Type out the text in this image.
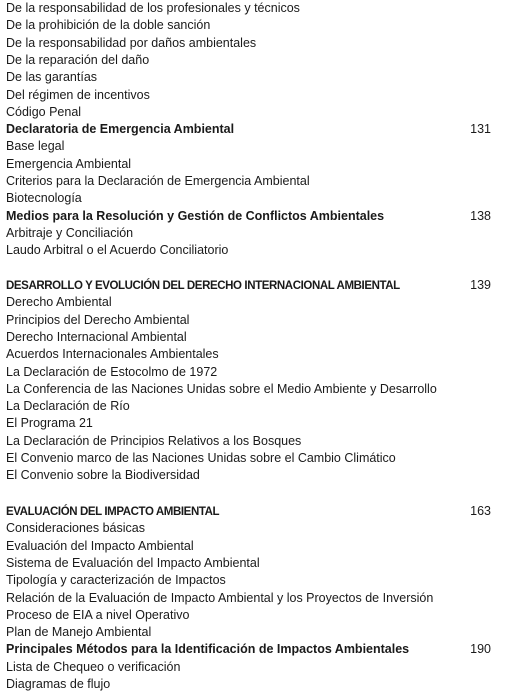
De la responsabilidad de los profesionales y técnicos
De la prohibición de la doble sanción
De la responsabilidad por daños ambientales
De la reparación del daño
De las garantías
Del régimen de incentivos
Código Penal
Declaratoria de Emergencia Ambiental	131
Base legal
Emergencia Ambiental
Criterios para la Declaración de Emergencia Ambiental
Biotecnología
Medios para la Resolución y Gestión de Conflictos Ambientales	138
Arbitraje y Conciliación
Laudo Arbitral o el Acuerdo Conciliatorio
DESARROLLO Y EVOLUCIÓN DEL DERECHO INTERNACIONAL AMBIENTAL	139
Derecho Ambiental
Principios del Derecho Ambiental
Derecho Internacional Ambiental
Acuerdos Internacionales Ambientales
La Declaración de Estocolmo de 1972
La Conferencia de las Naciones Unidas sobre el Medio Ambiente y Desarrollo
La Declaración de Río
El Programa 21
La Declaración de Principios Relativos a los Bosques
El Convenio marco de las Naciones Unidas sobre el Cambio Climático
El Convenio sobre la Biodiversidad
EVALUACIÓN DEL IMPACTO AMBIENTAL	163
Consideraciones básicas
Evaluación del Impacto Ambiental
Sistema de Evaluación del Impacto Ambiental
Tipología y caracterización de Impactos
Relación de la Evaluación de Impacto Ambiental y los Proyectos de Inversión
Proceso de EIA a nivel Operativo
Plan de Manejo Ambiental
Principales Métodos para la Identificación de Impactos Ambientales	190
Lista de Chequeo o verificación
Diagramas de flujo
